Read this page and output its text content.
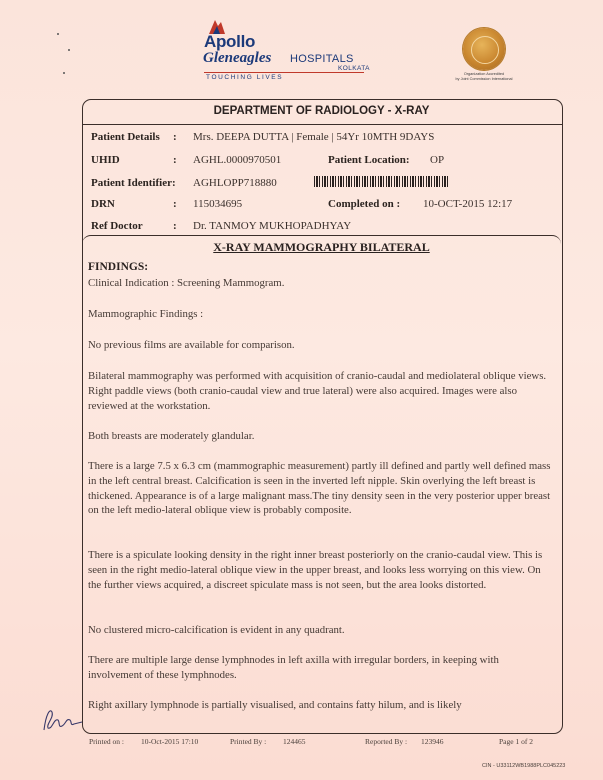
Apollo
Gleneagles HOSPITALS
KOLKATA
TOUCHING LIVES	Organization Accredited
by Joint Commission International
DEPARTMENT OF RADIOLOGY - X-RAY
Patient Details : Mrs. DEEPA DUTTA | Female | 54Yr 10MTH 9DAYS
UHID	: AGHL.0000970501	Patient Location: OP
Patient Identifier: AGHLOPP718880
DRN	: 115034695	Completed on : 10-OCT-2015 12:17
Ref Doctor	: Dr. TANMOY MUKHOPADHYAY
X-RAY MAMMOGRAPHY BILATERAL
FINDINGS:
Clinical Indication : Screening Mammogram.
Mammographic Findings :
No previous films are available for comparison.
Bilateral mammography was performed with acquisition of cranio-caudal and mediolateral oblique views. Right paddle views (both cranio-caudal view and true lateral) were also acquired. Images were also reviewed at the workstation.
Both breasts are moderately glandular.
There is a large 7.5 x 6.3 cm (mammographic measurement) partly ill defined and partly well defined mass in the left central breast. Calcification is seen in the inverted left nipple. Skin overlying the left breast is thickened. Appearance is of a large malignant mass.The tiny density seen in the very posterior upper breast on the left medio-lateral oblique view is probably composite.
There is a spiculate looking density in the right inner breast posteriorly on the cranio-caudal view. This is seen in the right medio-lateral oblique view in the upper breast, and looks less worrying on this view. On the further views acquired, a discreet spiculate mass is not seen, but the area looks distorted.
No clustered micro-calcification is evident in any quadrant.
There are multiple large dense lymphnodes in left axilla with irregular borders, in keeping with involvement of these lymphnodes.
Right axillary lymphnode is partially visualised, and contains fatty hilum, and is likely
Printed on : 10-Oct-2015 17:10	Printed By : 124465	Reported By : 123946	Page 1 of 2
CIN - U33112WB1988PLC045223
